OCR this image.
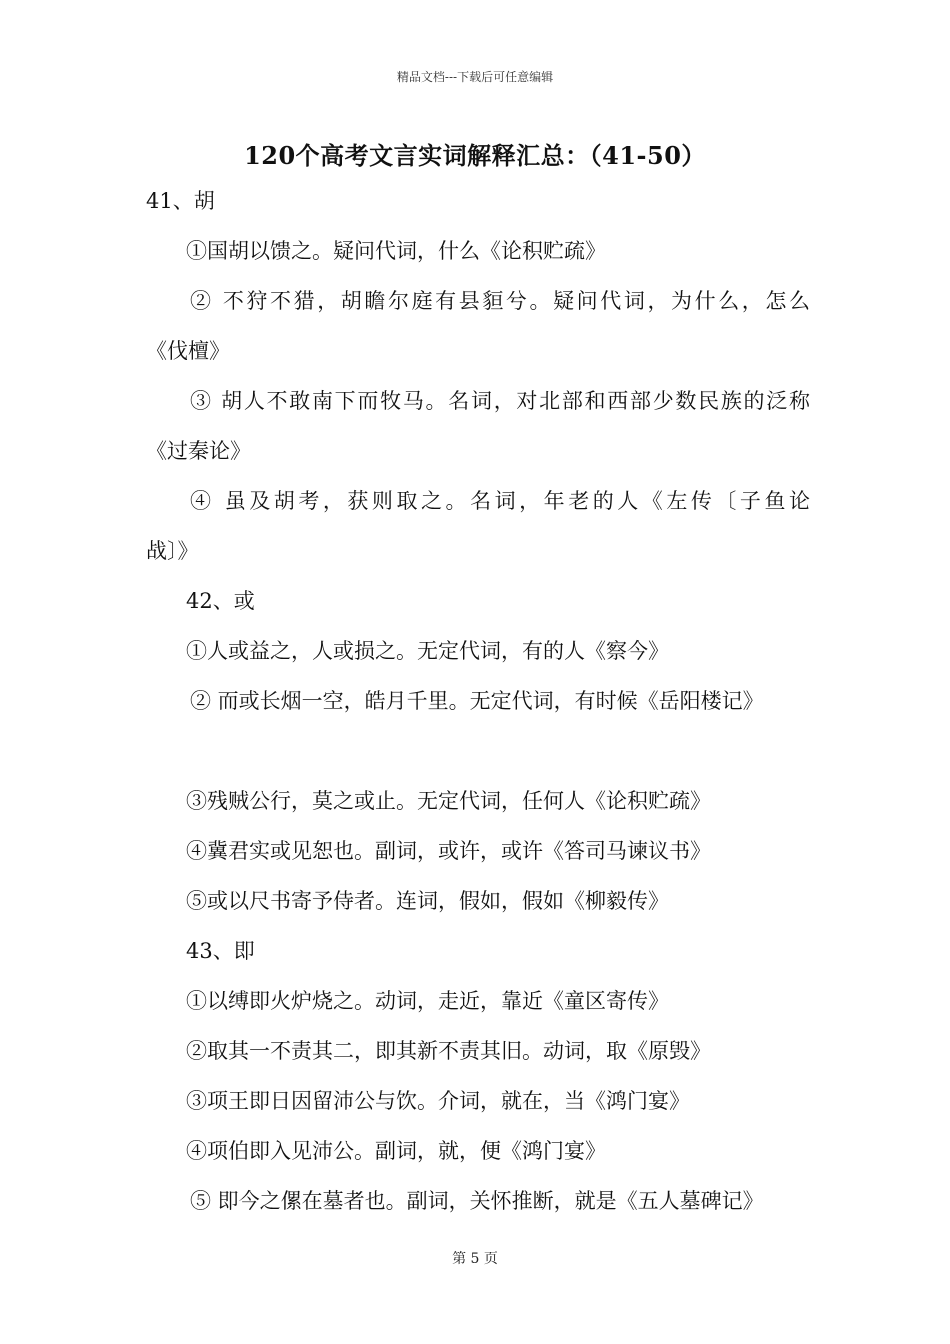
精品文档---下载后可任意编辑
120个高考文言实词解释汇总：（41-50）
41、胡
①国胡以馈之。疑问代词，什么《论积贮疏》
② 不狩不猎，胡瞻尔庭有县貆兮。疑问代词，为什么，怎么
《伐檀》
③ 胡人不敢南下而牧马。名词，对北部和西部少数民族的泛称
《过秦论》
④ 虽及胡考，获则取之。名词，年老的人《左传〔子鱼论
战〕》
42、或
①人或益之，人或损之。无定代词，有的人《察今》
② 而或长烟一空，皓月千里。无定代词，有时候《岳阳楼记》
③残贼公行，莫之或止。无定代词，任何人《论积贮疏》
④冀君实或见恕也。副词，或许，或许《答司马谏议书》
⑤或以尺书寄予侍者。连词，假如，假如《柳毅传》
43、即
①以缚即火炉烧之。动词，走近，靠近《童区寄传》
②取其一不责其二，即其新不责其旧。动词，取《原毁》
③项王即日因留沛公与饮。介词，就在，当《鸿门宴》
④项伯即入见沛公。副词，就，便《鸿门宴》
⑤ 即今之傫在墓者也。副词，关怀推断，就是《五人墓碑记》
第 5 页
